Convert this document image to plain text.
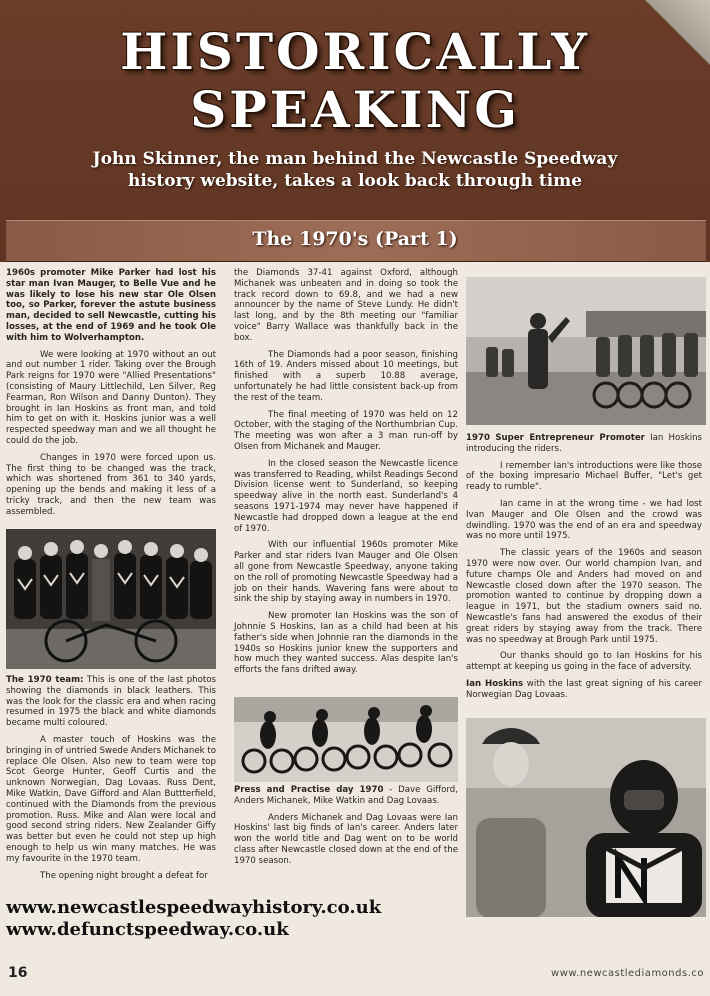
HISTORICALLY
SPEAKING
John Skinner, the man behind the Newcastle Speedway history website, takes a look back through time
The 1970's (Part 1)

1960s promoter Mike Parker had lost his star man Ivan Mauger, to Belle Vue and he was likely to lose his new star Ole Olsen too, so Parker, forever the astute business man, decided to sell Newcastle, cutting his losses, at the end of 1969 and he took Ole with him to Wolverhampton.

We were looking at 1970 without an out and out number 1 rider. Taking over the Brough Park reigns for 1970 were "Allied Presentations" (consisting of Maury Littlechild, Len Silver, Reg Fearman, Ron Wilson and Danny Dunton). They brought in Ian Hoskins as front man, and told him to get on with it. Hoskins junior was a well respected speedway man and we all thought he could do the job.

Changes in 1970 were forced upon us. The first thing to be changed was the track, which was shortened from 361 to 340 yards, opening up the bends and making it less of a tricky track, and then the new team was assembled.

The 1970 team: This is one of the last photos showing the diamonds in black leathers. This was the look for the classic era and when racing resumed in 1975 the black and white diamonds became multi coloured.

A master touch of Hoskins was the bringing in of untried Swede Anders Michanek to replace Ole Olsen. Also new to team were top Scot George Hunter, Geoff Curtis and the unknown Norwegian, Dag Lovaas. Russ Dent, Mike Watkin, Dave Gifford and Alan Buttterfield, continued with the Diamonds from the previous promotion. Russ. Mike and Alan were local and good second string riders. New Zealander Giffy was better but even he could not step up high enough to help us win many matches. He was my favourite in the 1970 team.

The opening night brought a defeat for

the Diamonds 37-41 against Oxford, although Michanek was unbeaten and in doing so took the track record down to 69.8, and we had a new announcer by the name of Steve Lundy. He didn't last long, and by the 8th meeting our "familiar voice" Barry Wallace was thankfully back in the box.

The Diamonds had a poor season, finishing 16th of 19. Anders missed about 10 meetings, but finished with a superb 10.88 average, unfortunately he had little consistent back-up from the rest of the team.

The final meeting of 1970 was held on 12 October, with the staging of the Northumbrian Cup. The meeting was won after a 3 man run-off by Olsen from Michanek and Mauger.

In the closed season the Newcastle licence was transferred to Reading, whilst Readings Second Division license went to Sunderland, so keeping speedway alive in the north east. Sunderland's 4 seasons 1971-1974 may never have happened if Newcastle had dropped down a league at the end of 1970.

With our influential 1960s promoter Mike Parker and star riders Ivan Mauger and Ole Olsen all gone from Newcastle Speedway, anyone taking on the roll of promoting Newcastle Speedway had a job on their hands. Wavering fans were about to sink the ship by staying away in numbers in 1970.

New promoter Ian Hoskins was the son of Johnnie S Hoskins, Ian as a child had been at his father's side when Johnnie ran the diamonds in the 1940s so Hoskins junior knew the supporters and how much they wanted success. Alas despite Ian's efforts the fans drifted away.

Press and Practise day 1970 - Dave Gifford, Anders Michanek, Mike Watkin and Dag Lovaas.

Anders Michanek and Dag Lovaas were Ian Hoskins' last big finds of Ian's career. Anders later won the world title and Dag went on to be world class after Newcastle closed down at the end of the 1970 season.

1970 Super Entrepreneur Promoter Ian Hoskins introducing the riders.

I remember Ian's introductions were like those of the boxing impresario Michael Buffer, "Let's get ready to rumble".

Ian came in at the wrong time - we had lost Ivan Mauger and Ole Olsen and the crowd was dwindling. 1970 was the end of an era and speedway was no more until 1975.

The classic years of the 1960s and season 1970 were now over. Our world champion Ivan, and future champs Ole and Anders had moved on and Newcastle closed down after the 1970 season. The promotion wanted to continue by dropping down a league in 1971, but the stadium owners said no. Newcastle's fans had answered the exodus of their great riders by staying away from the track. There was no speedway at Brough Park until 1975.

Our thanks should go to Ian Hoskins for his attempt at keeping us going in the face of adversity.

Ian Hoskins with the last great signing of his career Norwegian Dag Lovaas.

www.newcastlespeedwayhistory.co.uk
www.defunctspeedway.co.uk
16	www.newcastlediamonds.co
